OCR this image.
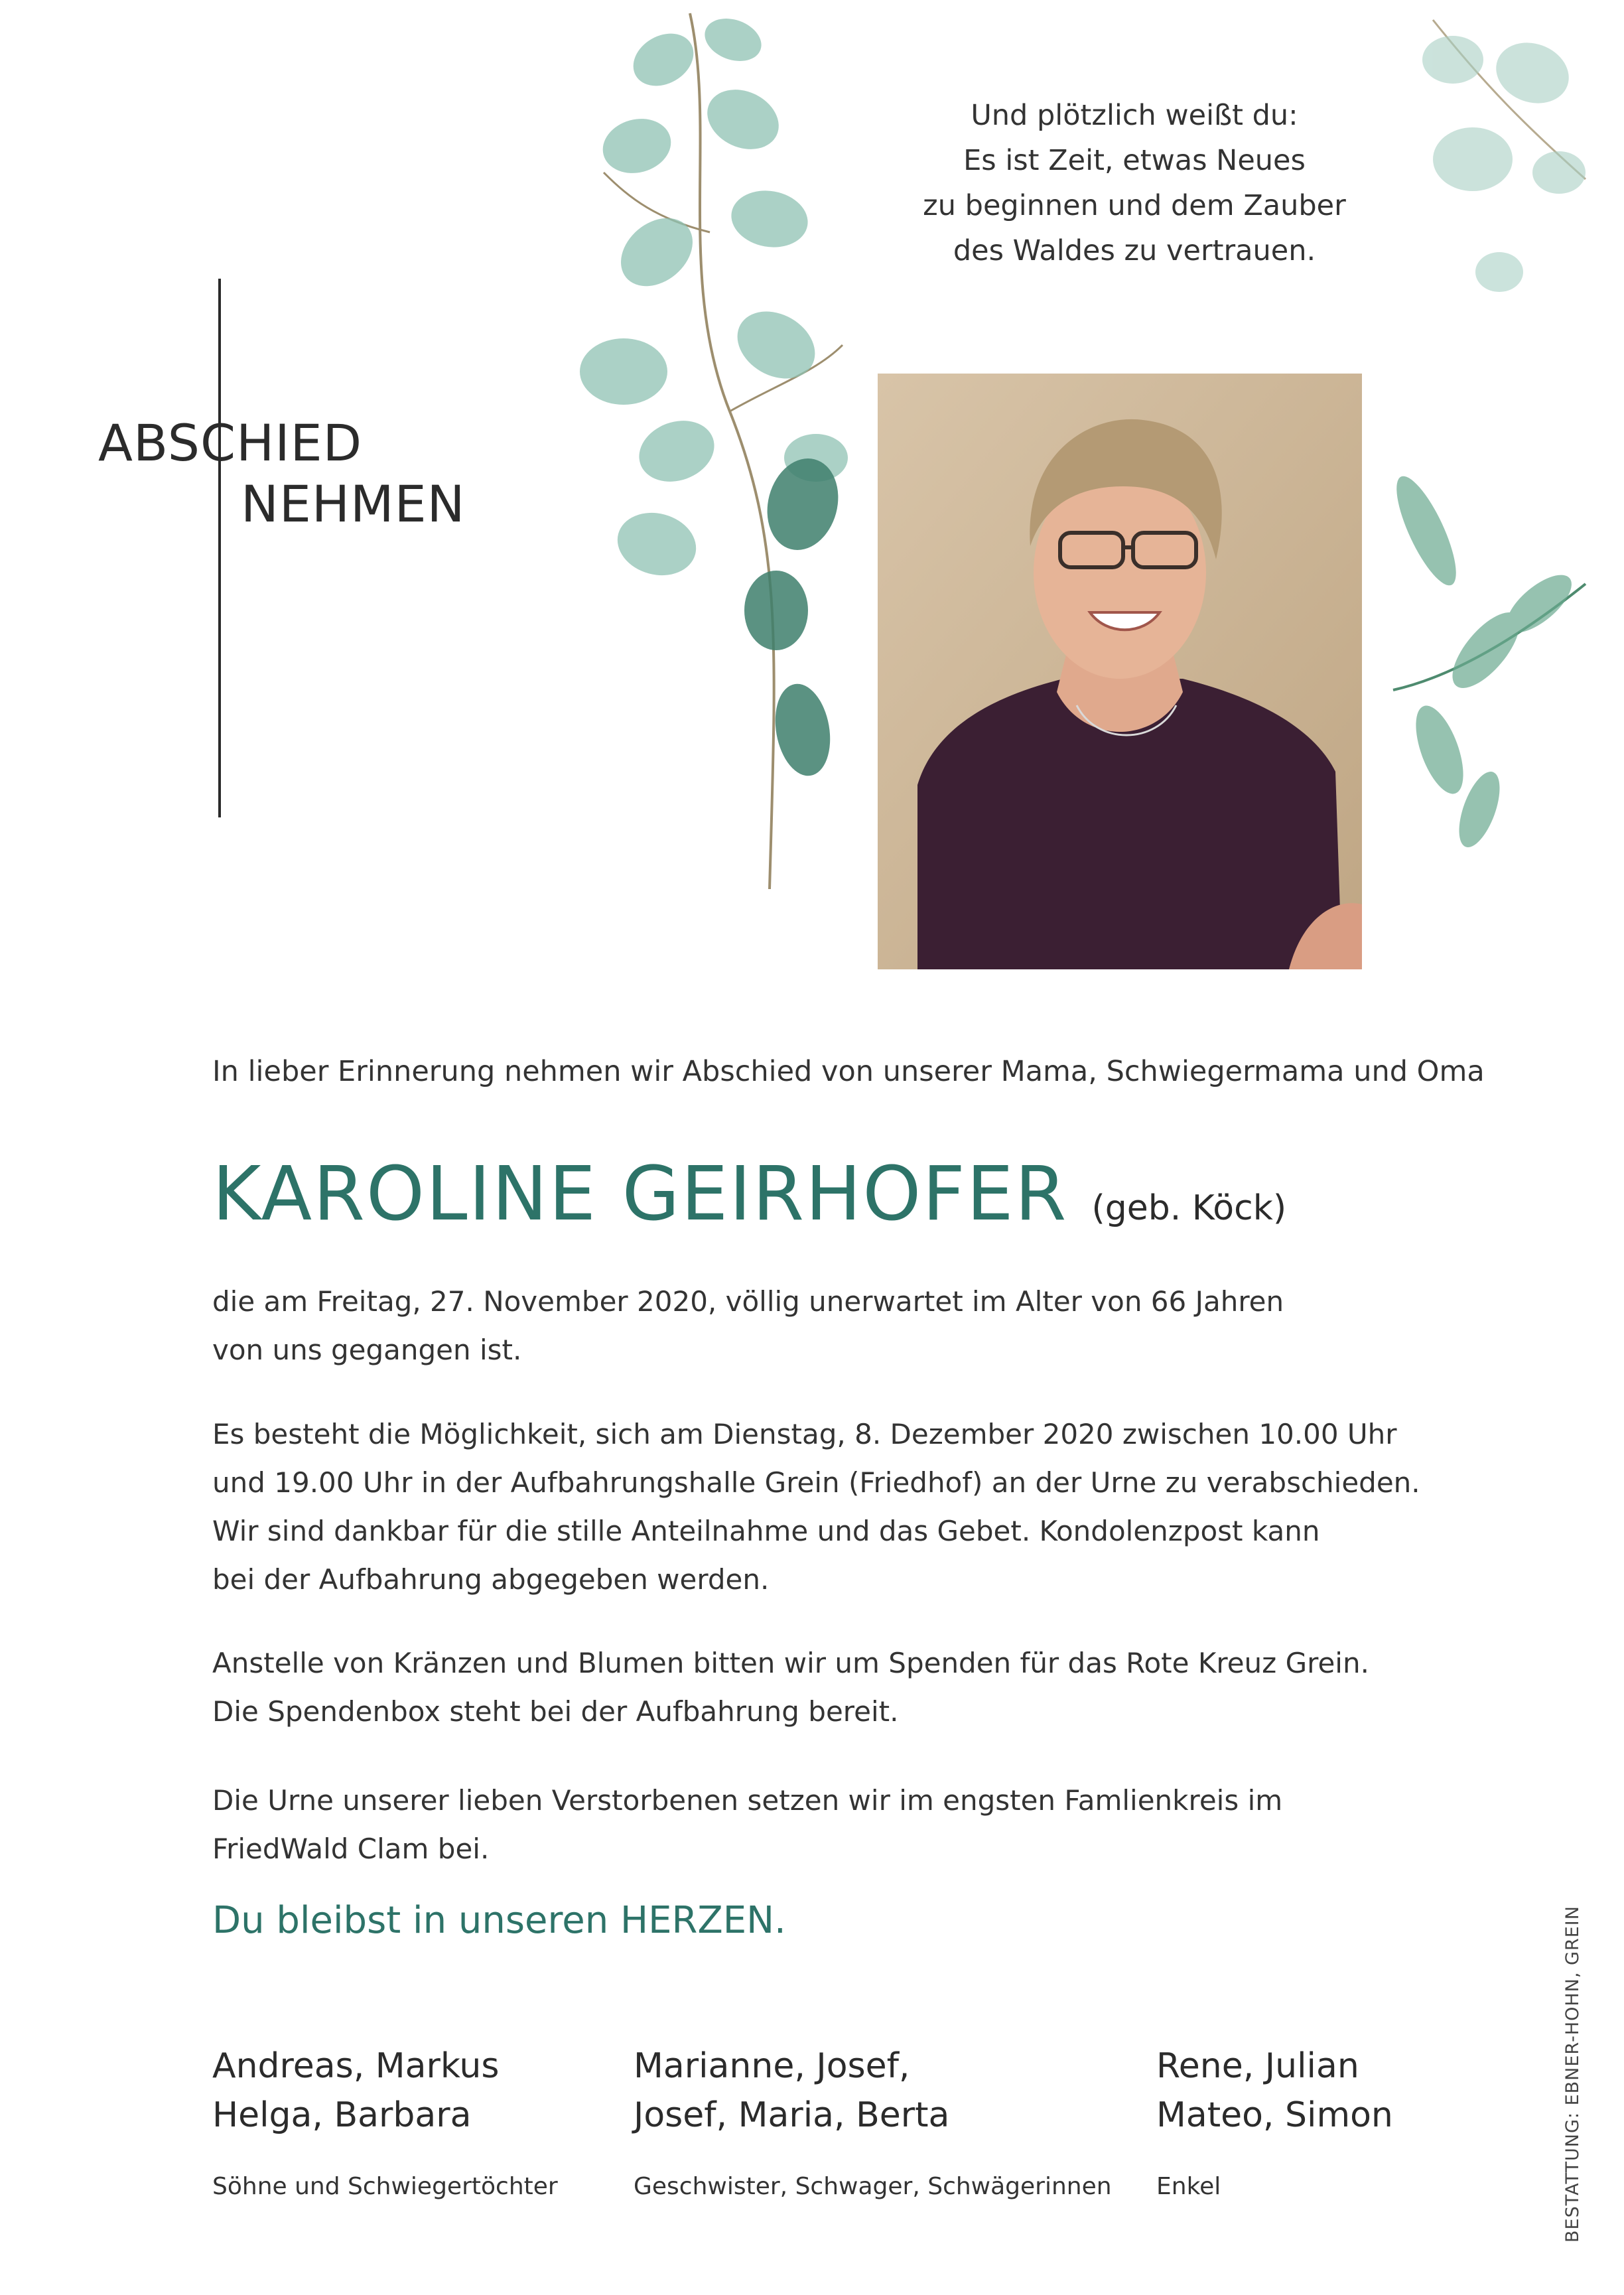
ABSCHIED
NEHMEN
Und plötzlich weißt du:
Es ist Zeit, etwas Neues
zu beginnen und dem Zauber
des Waldes zu vertrauen.
In lieber Erinnerung nehmen wir Abschied von unserer Mama, Schwiegermama und Oma
KAROLINE GEIRHOFER (geb. Köck)
die am Freitag, 27. November 2020, völlig unerwartet im Alter von 66 Jahren
von uns gegangen ist.
Es besteht die Möglichkeit, sich am Dienstag, 8. Dezember 2020 zwischen 10.00 Uhr
und 19.00 Uhr in der Aufbahrungshalle Grein (Friedhof) an der Urne zu verabschieden.
Wir sind dankbar für die stille Anteilnahme und das Gebet. Kondolenzpost kann
bei der Aufbahrung abgegeben werden.
Anstelle von Kränzen und Blumen bitten wir um Spenden für das Rote Kreuz Grein.
Die Spendenbox steht bei der Aufbahrung bereit.
Die Urne unserer lieben Verstorbenen setzen wir im engsten Famlienkreis im
FriedWald Clam bei.
Du bleibst in unseren HERZEN.
Andreas, Markus
Helga, Barbara
Marianne, Josef,
Josef, Maria, Berta
Rene, Julian
Mateo, Simon
Söhne und Schwiegertöchter	Geschwister, Schwager, Schwägerinnen Enkel	BESTATTUNG: EBNER-HOHN, GREIN
